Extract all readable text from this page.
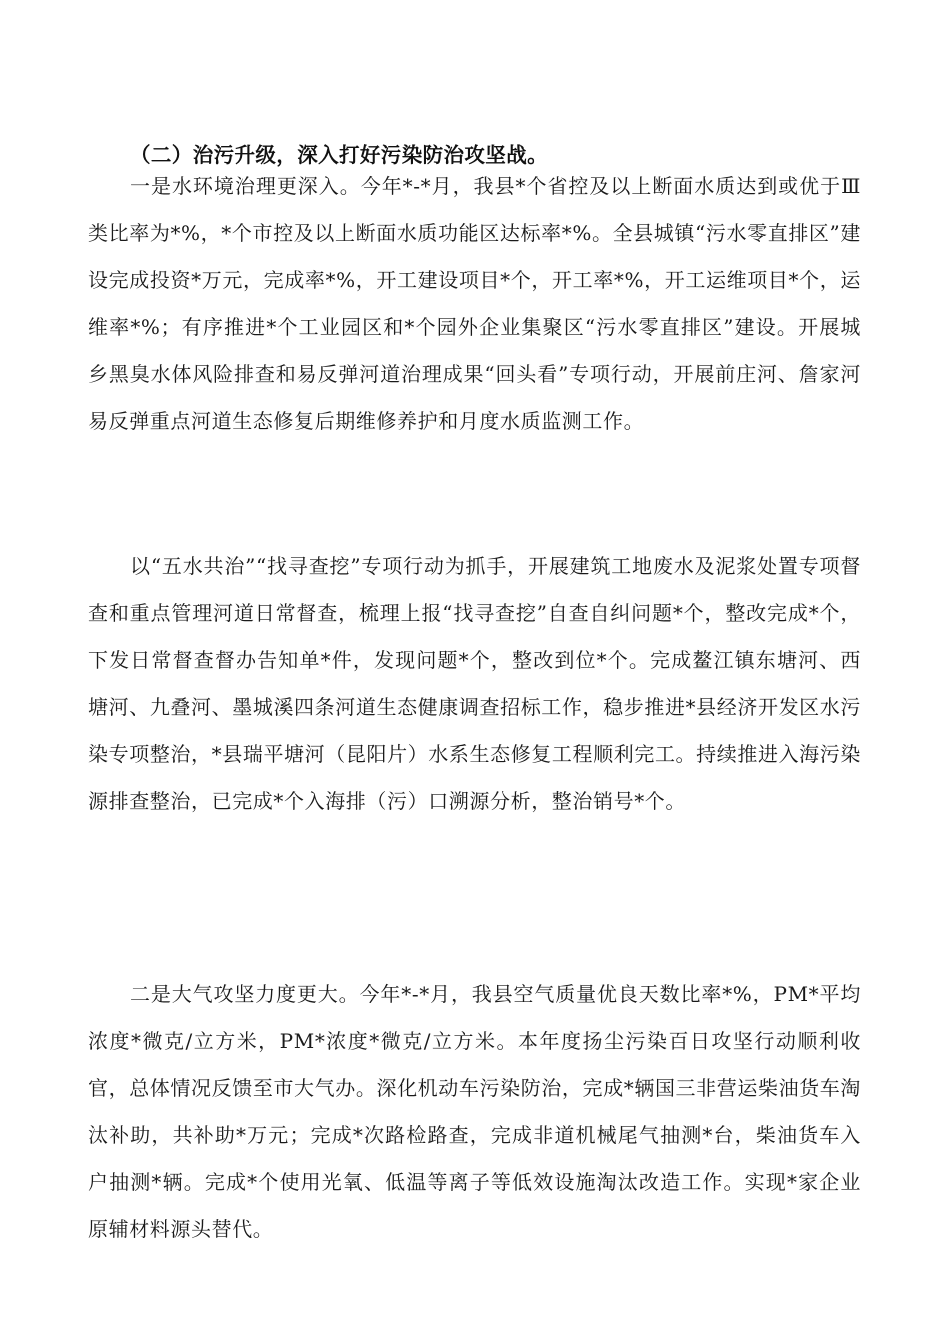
（二）治污升级，深入打好污染防治攻坚战。

一是水环境治理更深入。今年*-*月，我县*个省控及以上断面水质达到或优于Ⅲ类比率为*%，*个市控及以上断面水质功能区达标率*%。全县城镇“污水零直排区”建设完成投资*万元，完成率*%，开工建设项目*个，开工率*%，开工运维项目*个，运维率*%；有序推进*个工业园区和*个园外企业集聚区“污水零直排区”建设。开展城乡黑臭水体风险排查和易反弹河道治理成果“回头看”专项行动，开展前庄河、詹家河易反弹重点河道生态修复后期维修养护和月度水质监测工作。

以“五水共治”“找寻查挖”专项行动为抓手，开展建筑工地废水及泥浆处置专项督查和重点管理河道日常督查，梳理上报“找寻查挖”自查自纠问题*个，整改完成*个，下发日常督查督办告知单*件，发现问题*个，整改到位*个。完成鳌江镇东塘河、西塘河、九叠河、墨城溪四条河道生态健康调查招标工作，稳步推进*县经济开发区水污染专项整治，*县瑞平塘河（昆阳片）水系生态修复工程顺利完工。持续推进入海污染源排查整治，已完成*个入海排（污）口溯源分析，整治销号*个。

二是大气攻坚力度更大。今年*-*月，我县空气质量优良天数比率*%，PM*平均浓度*微克/立方米，PM*浓度*微克/立方米。本年度扬尘污染百日攻坚行动顺利收官，总体情况反馈至市大气办。深化机动车污染防治，完成*辆国三非营运柴油货车淘汰补助，共补助*万元；完成*次路检路查，完成非道机械尾气抽测*台，柴油货车入户抽测*辆。完成*个使用光氧、低温等离子等低效设施淘汰改造工作。实现*家企业原辅材料源头替代。
